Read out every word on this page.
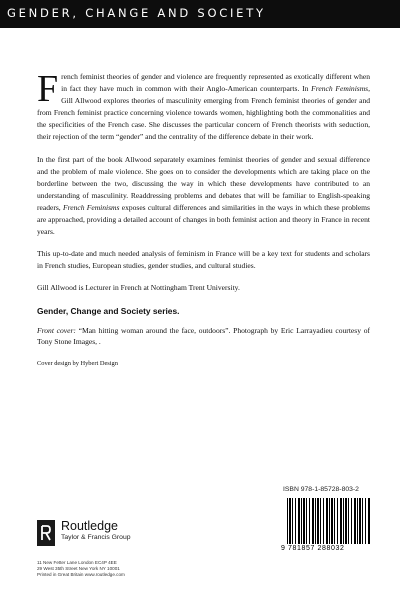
GENDER, CHANGE AND SOCIETY

French feminist theories of gender and violence are frequently represented as exotically different when in fact they have much in common with their Anglo-American counterparts. In French Feminisms, Gill Allwood explores theories of masculinity emerging from French feminist theories of gender and from French feminist practice concerning violence towards women, highlighting both the commonalities and the specificities of the French case. She discusses the particular concern of French theorists with seduction, their rejection of the term “gender” and the centrality of the difference debate in their work.

In the first part of the book Allwood separately examines feminist theories of gender and sexual difference and the problem of male violence. She goes on to consider the developments which are taking place on the borderline between the two, discussing the way in which these developments have contributed to an understanding of masculinity. Readdressing problems and debates that will be familiar to English-speaking readers, French Feminisms exposes cultural differences and similarities in the ways in which these problems are approached, providing a detailed account of changes in both feminist action and theory in France in recent years.

This up-to-date and much needed analysis of feminism in France will be a key text for students and scholars in French studies, European studies, gender studies, and cultural studies.

Gill Allwood is Lecturer in French at Nottingham Trent University.

Gender, Change and Society series.

Front cover: “Man hitting woman around the face, outdoors”. Photograph by Eric Larrayadieu courtesy of Tony Stone Images, .

Cover design by Hybert Design

ISBN 978-1-85728-803-2
9 781857 288032
Routledge
Taylor & Francis Group
11 New Fetter Lane London EC4P 4EE
29 West 35th Street New York NY 10001
Printed in Great Britain www.routledge.com
